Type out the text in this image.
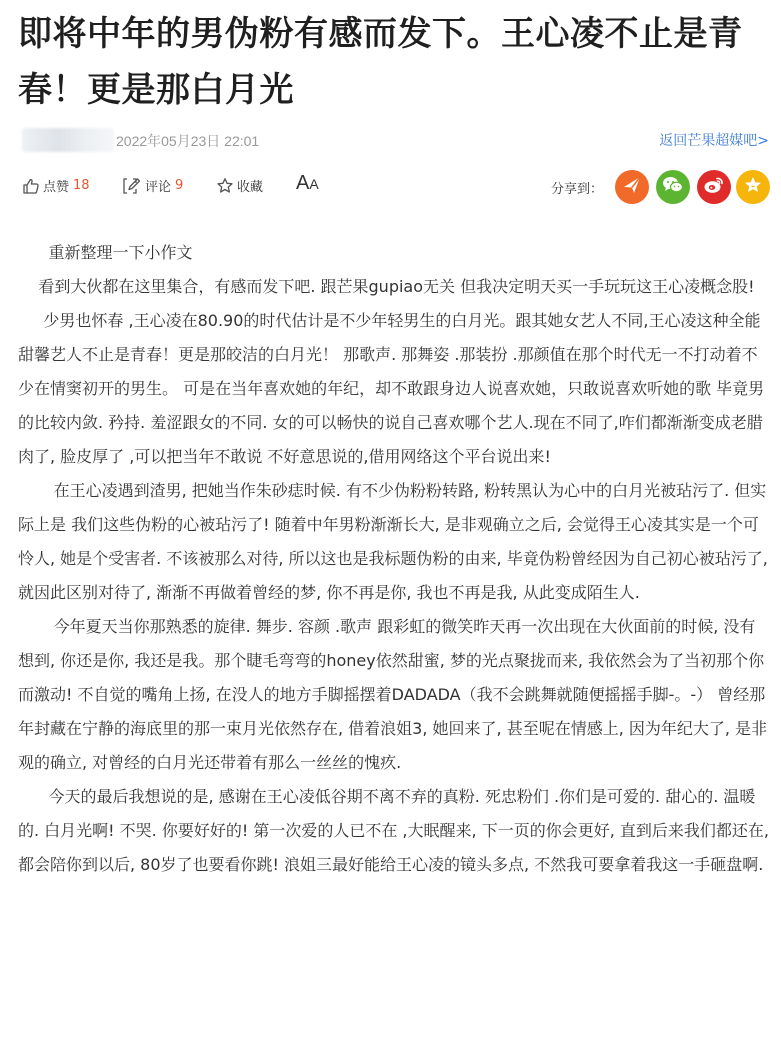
即将中年的男伪粉有感而发下。王心凌不止是青春！更是那白月光
2022年05月23日 22:01	返回芒果超媒吧>
点赞 18	评论 9	收藏 AA	分享到：

重新整理一下小作文

看到大伙都在这里集合，有感而发下吧. 跟芒果gupiao无关 但我决定明天买一手玩玩这王心凌概念股!

少男也怀春 ,王心凌在80.90的时代估计是不少年轻男生的白月光。跟其她女艺人不同,王心凌这种全能甜馨艺人不止是青春！更是那皎洁的白月光！ 那歌声. 那舞姿 .那装扮 .那颜值在那个时代无一不打动着不少在情窦初开的男生。 可是在当年喜欢她的年纪，却不敢跟身边人说喜欢她，只敢说喜欢听她的歌 毕竟男的比较内敛. 矜持. 羞涩跟女的不同. 女的可以畅快的说自己喜欢哪个艺人.现在不同了,咋们都渐渐变成老腊肉了, 脸皮厚了 ,可以把当年不敢说 不好意思说的,借用网络这个平台说出来!

在王心凌遇到渣男, 把她当作朱砂痣时候. 有不少伪粉粉转路, 粉转黑认为心中的白月光被玷污了. 但实际上是 我们这些伪粉的心被玷污了! 随着中年男粉渐渐长大, 是非观确立之后, 会觉得王心凌其实是一个可怜人, 她是个受害者. 不该被那么对待, 所以这也是我标题伪粉的由来, 毕竟伪粉曾经因为自己初心被玷污了, 就因此区别对待了, 渐渐不再做着曾经的梦, 你不再是你, 我也不再是我, 从此变成陌生人.

今年夏天当你那熟悉的旋律. 舞步. 容颜 .歌声 跟彩虹的微笑昨天再一次出现在大伙面前的时候, 没有想到, 你还是你, 我还是我。那个睫毛弯弯的honey依然甜蜜, 梦的光点聚拢而来, 我依然会为了当初那个你而激动! 不自觉的嘴角上扬, 在没人的地方手脚摇摆着DADADA（我不会跳舞就随便摇摇手脚-。-） 曾经那年封藏在宁静的海底里的那一束月光依然存在, 借着浪姐3, 她回来了, 甚至呢在情感上, 因为年纪大了, 是非观的确立, 对曾经的白月光还带着有那么一丝丝的愧疚.

今天的最后我想说的是, 感谢在王心凌低谷期不离不弃的真粉. 死忠粉们 .你们是可爱的. 甜心的. 温暖的. 白月光啊! 不哭. 你要好好的! 第一次爱的人已不在 ,大眠醒来, 下一页的你会更好, 直到后来我们都还在, 都会陪你到以后, 80岁了也要看你跳! 浪姐三最好能给王心凌的镜头多点, 不然我可要拿着我这一手砸盘啊.
